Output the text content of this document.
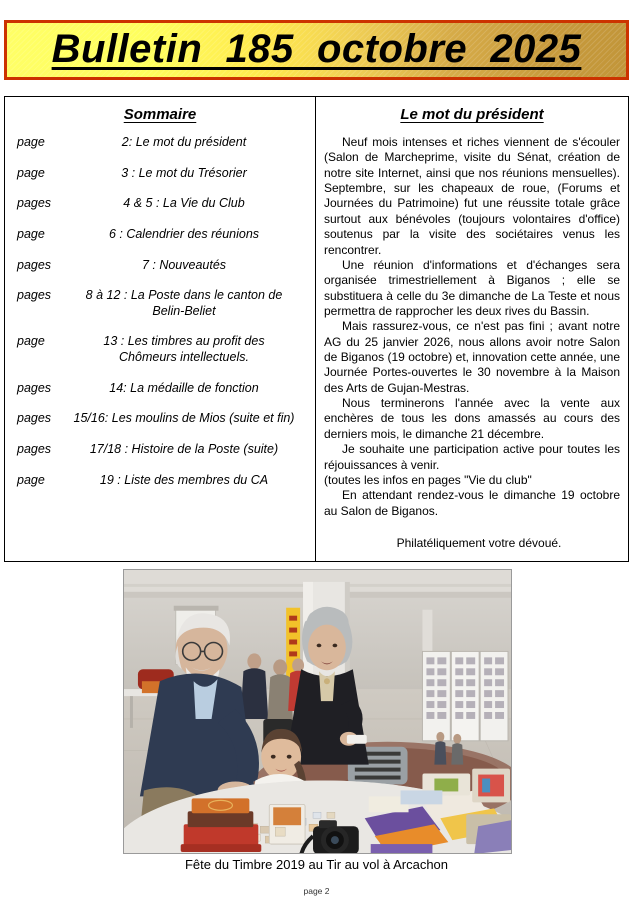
Bulletin  185  octobre  2025
Sommaire
page	2: Le mot du président
page	3 : Le mot du Trésorier
pages	4 & 5 : La Vie du Club
page	6 : Calendrier des réunions
pages	7 : Nouveautés
pages	8 à 12 : La Poste dans le canton de
Belin-Beliet
page	13 : Les timbres au profit des
Chômeurs intellectuels.
pages	14: La médaille de fonction
pages	15/16: Les moulins de Mios (suite et fin)
pages	17/18 : Histoire de la Poste (suite)
page	19 : Liste des membres du CA
Le mot du président

Neuf mois intenses et riches viennent de s'écouler (Salon de Marcheprime, visite du Sénat, création de notre site Internet, ainsi que nos réunions mensuelles). Septembre, sur les chapeaux de roue, (Forums et Journées du Patrimoine) fut une réussite totale grâce surtout aux bénévoles (toujours volontaires d'office) soutenus par la visite des sociétaires venus les rencontrer.

Une réunion d'informations et d'échanges sera organisée trimestriellement à Biganos ; elle se substituera à celle du 3e dimanche de La Teste et nous permettra de rapprocher les deux rives du Bassin.

Mais rassurez-vous, ce n'est pas fini ; avant notre AG du 25 janvier 2026, nous allons avoir notre Salon de Biganos (19 octobre) et, innovation cette année, une Journée Portes-ouvertes le 30 novembre à la Maison des Arts de Gujan-Mestras.

Nous terminerons l'année avec la vente aux enchères de tous les dons amassés au cours des derniers mois, le dimanche 21 décembre.

Je souhaite une participation active pour toutes les réjouissances à venir.

(toutes les infos en pages "Vie du club"

En attendant rendez-vous le dimanche 19 octobre au Salon de Biganos.

Philatéliquement votre dévoué.
Fête du Timbre 2019 au Tir au vol à Arcachon
page 2
